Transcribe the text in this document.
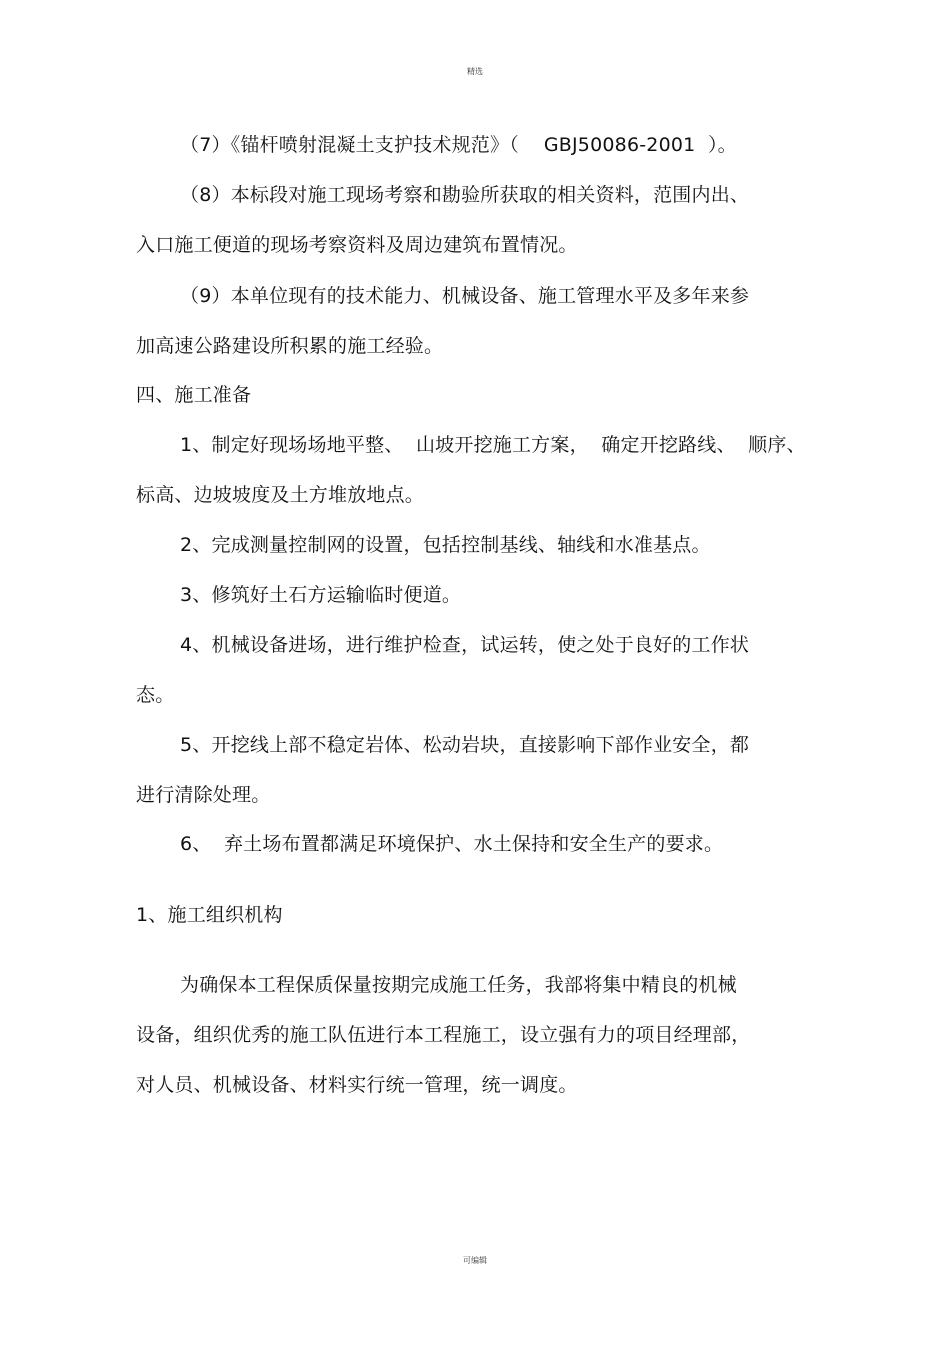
精选
（7）《锚杆喷射混凝土支护技术规范》（    GBJ50086-2001  ）。
（8）本标段对施工现场考察和勘验所获取的相关资料，范围内出、
入口施工便道的现场考察资料及周边建筑布置情况。
（9）本单位现有的技术能力、机械设备、施工管理水平及多年来参
加高速公路建设所积累的施工经验。
四、施工准备
1、制定好现场场地平整、  山坡开挖施工方案，  确定开挖路线、  顺序、
标高、边坡坡度及土方堆放地点。
2、完成测量控制网的设置，包括控制基线、轴线和水准基点。
3、修筑好土石方运输临时便道。
4、机械设备进场，进行维护检查，试运转，使之处于良好的工作状
态。
5、开挖线上部不稳定岩体、松动岩块，直接影响下部作业安全，都
进行清除处理。
6、  弃土场布置都满足环境保护、水土保持和安全生产的要求。
1、施工组织机构
为确保本工程保质保量按期完成施工任务，我部将集中精良的机械
设备，组织优秀的施工队伍进行本工程施工，设立强有力的项目经理部，
对人员、机械设备、材料实行统一管理，统一调度。
可编辑
